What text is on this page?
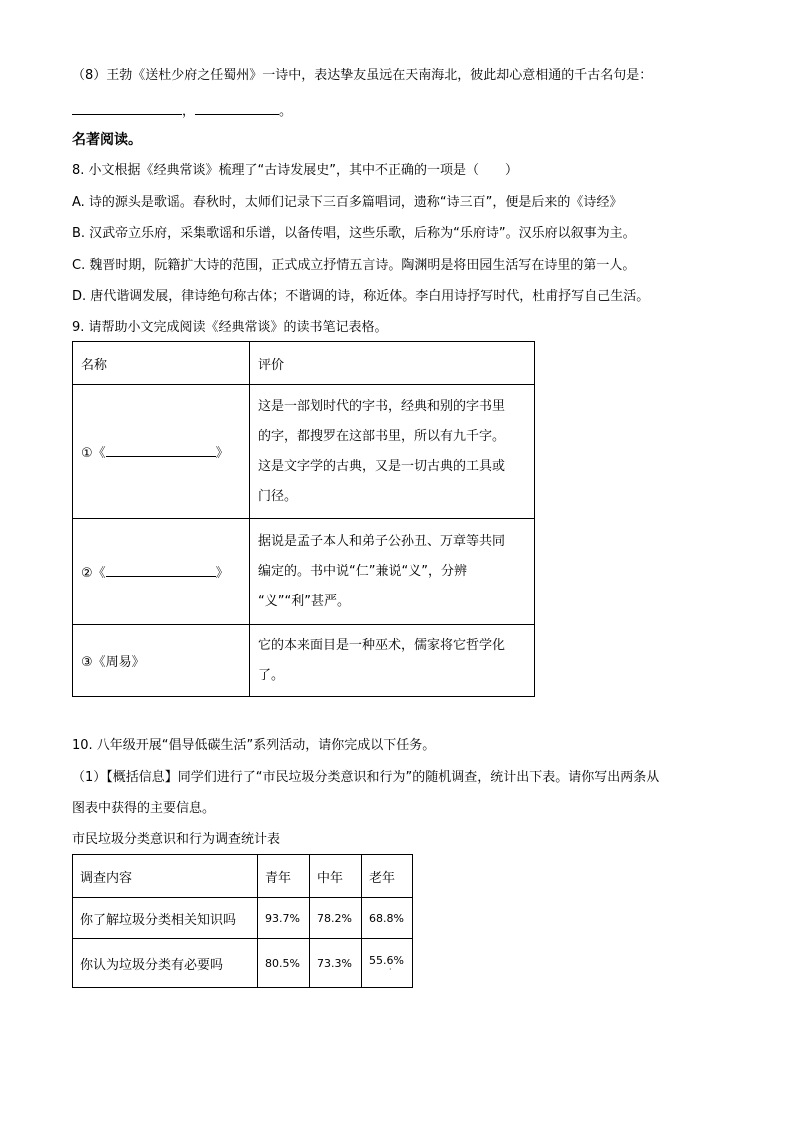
（8）王勃《送杜少府之任蜀州》一诗中，表达挚友虽远在天南海北，彼此却心意相通的千古名句是：
，	。
名著阅读。
8. 小文根据《经典常谈》梳理了“古诗发展史”，其中不正确的一项是（　　）
A. 诗的源头是歌谣。春秋时，太师们记录下三百多篇唱词，遗称“诗三百”，便是后来的《诗经》
B. 汉武帝立乐府，采集歌谣和乐谱，以备传唱，这些乐歌，后称为“乐府诗”。汉乐府以叙事为主。
C. 魏晋时期，阮籍扩大诗的范围，正式成立抒情五言诗。陶渊明是将田园生活写在诗里的第一人。
D. 唐代谐调发展，律诗绝句称古体；不谐调的诗，称近体。李白用诗抒写时代，杜甫抒写自己生活。
9. 请帮助小文完成阅读《经典常谈》的读书笔记表格。
名称	评价
①《 》	这是一部划时代的字书，经典和别的字书里
的字，都搜罗在这部书里，所以有九千字。
这是文字学的古典，又是一切古典的工具或
门径。

②《 》	据说是孟子本人和弟子公孙丑、万章等共同
编定的。书中说“仁”兼说“义”，分辨
“义”“利”甚严。

③《周易》	它的本来面目是一种巫术，儒家将它哲学化
了。
10. 八年级开展“倡导低碳生活”系列活动，请你完成以下任务。
（1）【概括信息】同学们进行了“市民垃圾分类意识和行为”的随机调查，统计出下表。请你写出两条从
图表中获得的主要信息。
市民垃圾分类意识和行为调查统计表
调查内容	青年	中年	老年
你了解垃圾分类相关知识吗	93.7%	78.2%	68.8%
你认为垃圾分类有必要吗	80.5%	73.3%	55.6%
·
